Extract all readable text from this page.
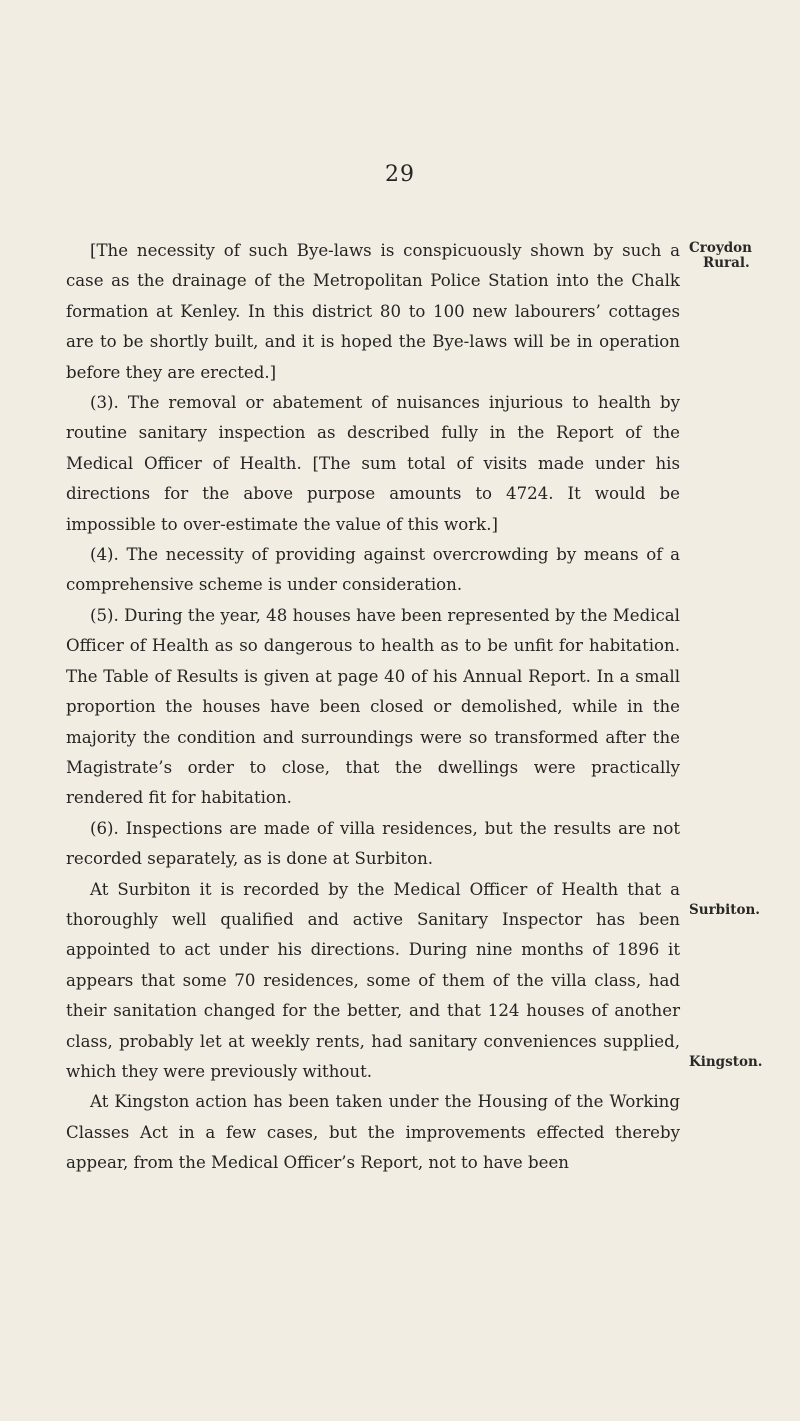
29

[The necessity of such Bye-laws is conspicuously shown by such a case as the drainage of the Metropolitan Police Station into the Chalk formation at Kenley. In this district 80 to 100 new labourers’ cottages are to be shortly built, and it is hoped the Bye-laws will be in operation before they are erected.]

(3). The removal or abatement of nuisances injurious to health by routine sanitary inspection as described fully in the Report of the Medical Officer of Health. [The sum total of visits made under his directions for the above purpose amounts to 4724. It would be impossible to over-estimate the value of this work.]

(4). The necessity of providing against overcrowding by means of a comprehensive scheme is under consideration.

(5). During the year, 48 houses have been represented by the Medical Officer of Health as so dangerous to health as to be unfit for habitation. The Table of Results is given at page 40 of his Annual Report. In a small proportion the houses have been closed or demolished, while in the majority the condition and surroundings were so transformed after the Magistrate’s order to close, that the dwellings were practically rendered fit for habitation.

(6). Inspections are made of villa residences, but the results are not recorded separately, as is done at Surbiton.

At Surbiton it is recorded by the Medical Officer of Health that a thoroughly well qualified and active Sanitary Inspector has been appointed to act under his directions. During nine months of 1896 it appears that some 70 residences, some of them of the villa class, had their sanitation changed for the better, and that 124 houses of another class, probably let at weekly rents, had sanitary conveniences supplied, which they were previously without.

At Kingston action has been taken under the Housing of the Working Classes Act in a few cases, but the improvements effected thereby appear, from the Medical Officer’s Report, not to have been

Croydon
Rural.
Surbiton.
Kingston.
